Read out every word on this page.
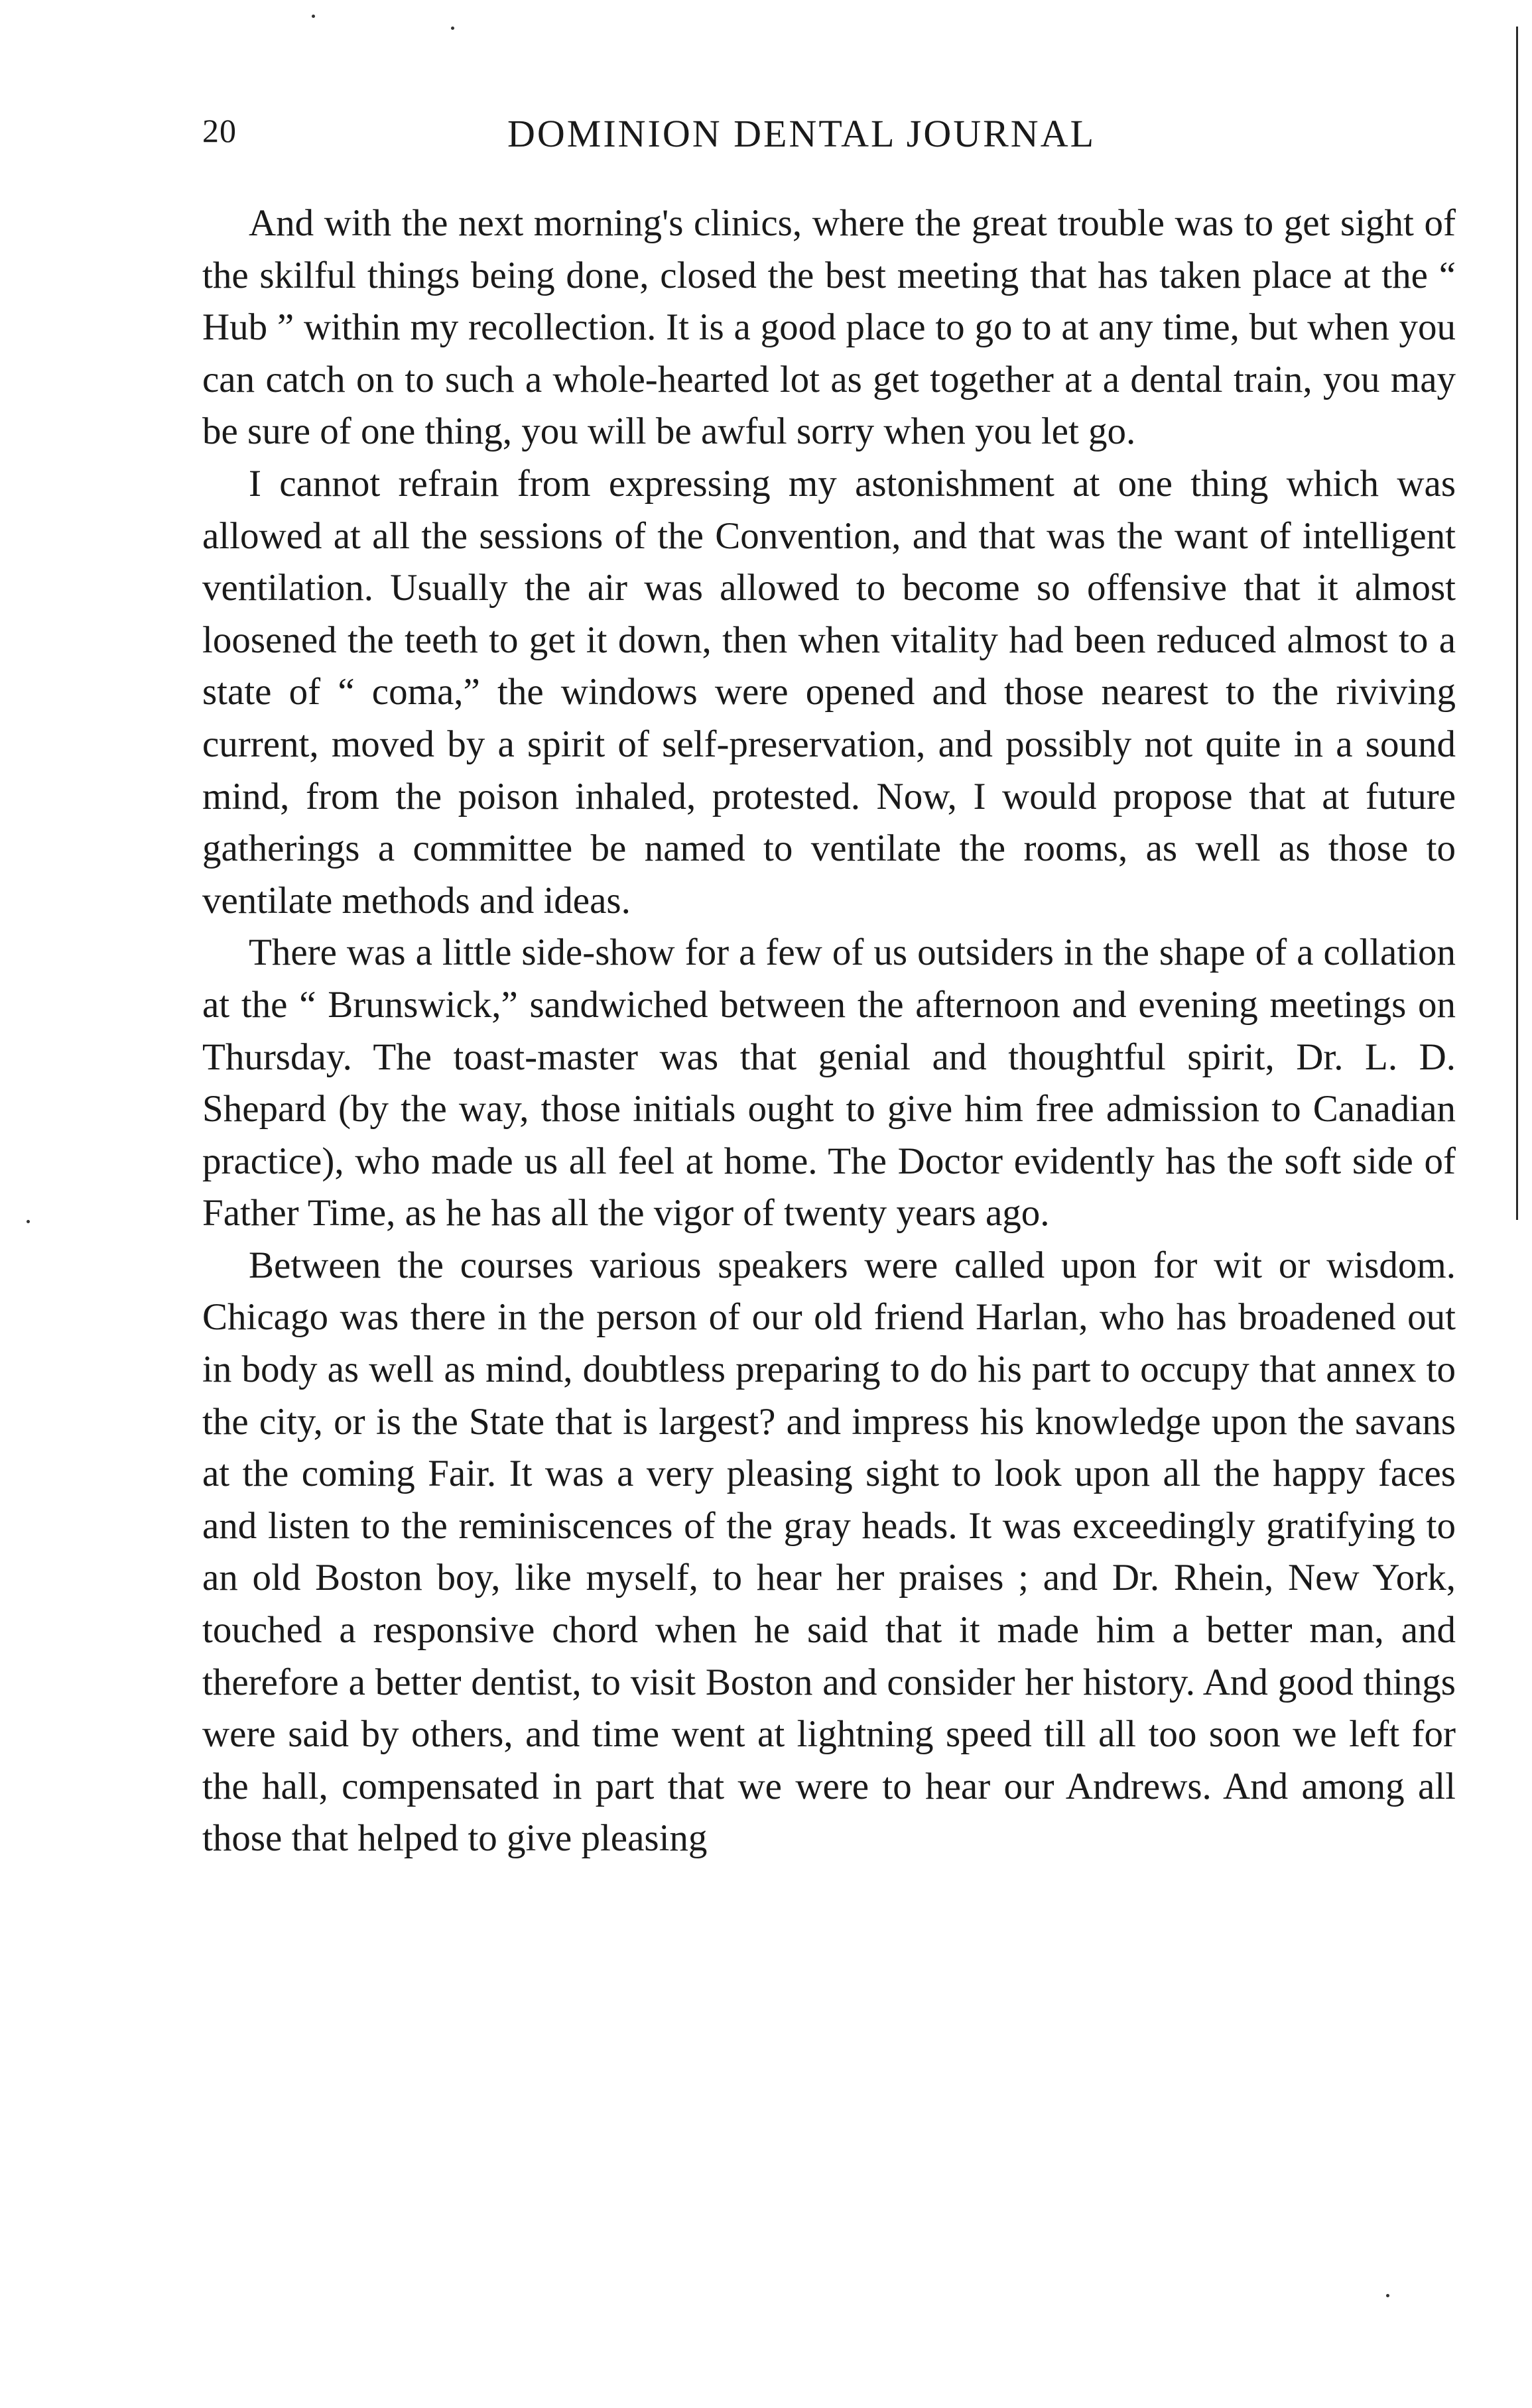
20	DOMINION DENTAL JOURNAL

And with the next morning's clinics, where the great trouble was to get sight of the skilful things being done, closed the best meeting that has taken place at the “ Hub ” within my recollection. It is a good place to go to at any time, but when you can catch on to such a whole-hearted lot as get together at a dental train, you may be sure of one thing, you will be awful sorry when you let go.

I cannot refrain from expressing my astonishment at one thing which was allowed at all the sessions of the Convention, and that was the want of intelligent ventilation. Usually the air was allowed to become so offensive that it almost loosened the teeth to get it down, then when vitality had been reduced almost to a state of “ coma,” the windows were opened and those nearest to the riviving current, moved by a spirit of self-preservation, and possibly not quite in a sound mind, from the poison inhaled, protested. Now, I would propose that at future gatherings a committee be named to ventilate the rooms, as well as those to ventilate methods and ideas.

There was a little side-show for a few of us outsiders in the shape of a collation at the “ Brunswick,” sandwiched between the afternoon and evening meetings on Thursday. The toast-master was that genial and thoughtful spirit, Dr. L. D. Shepard (by the way, those initials ought to give him free admission to Canadian practice), who made us all feel at home. The Doctor evidently has the soft side of Father Time, as he has all the vigor of twenty years ago.

Between the courses various speakers were called upon for wit or wisdom. Chicago was there in the person of our old friend Harlan, who has broadened out in body as well as mind, doubtless preparing to do his part to occupy that annex to the city, or is the State that is largest? and impress his knowledge upon the savans at the coming Fair. It was a very pleasing sight to look upon all the happy faces and listen to the reminiscences of the gray heads. It was exceedingly gratifying to an old Boston boy, like myself, to hear her praises ; and Dr. Rhein, New York, touched a responsive chord when he said that it made him a better man, and therefore a better dentist, to visit Boston and consider her history. And good things were said by others, and time went at lightning speed till all too soon we left for the hall, compensated in part that we were to hear our Andrews. And among all those that helped to give pleasing
